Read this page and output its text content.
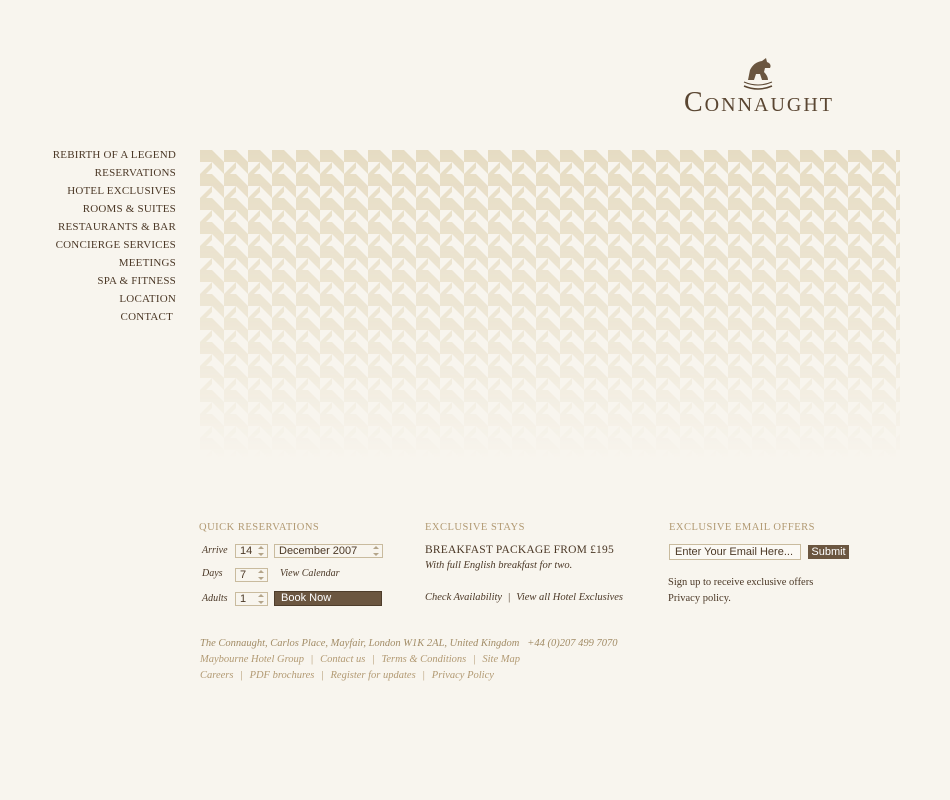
Connaught
REBIRTH OF A LEGEND
RESERVATIONS
HOTEL EXCLUSIVES
ROOMS & SUITES
RESTAURANTS & BAR
CONCIERGE SERVICES
MEETINGS
SPA & FITNESS
LOCATION
CONTACT
QUICK RESERVATIONS
Arrive	14	December 2007
Days	7	View Calendar
Adults	1	Book Now
EXCLUSIVE STAYS
BREAKFAST PACKAGE FROM £195
With full English breakfast for two.
Check Availability | View all Hotel Exclusives
EXCLUSIVE EMAIL OFFERS
Enter Your Email Here...	Submit
Sign up to receive exclusive offers
Privacy policy.
The Connaught, Carlos Place, Mayfair, London W1K 2AL, United Kingdom +44 (0)207 499 7070
Maybourne Hotel Group | Contact us | Terms & Conditions | Site Map
Careers | PDF brochures | Register for updates | Privacy Policy
